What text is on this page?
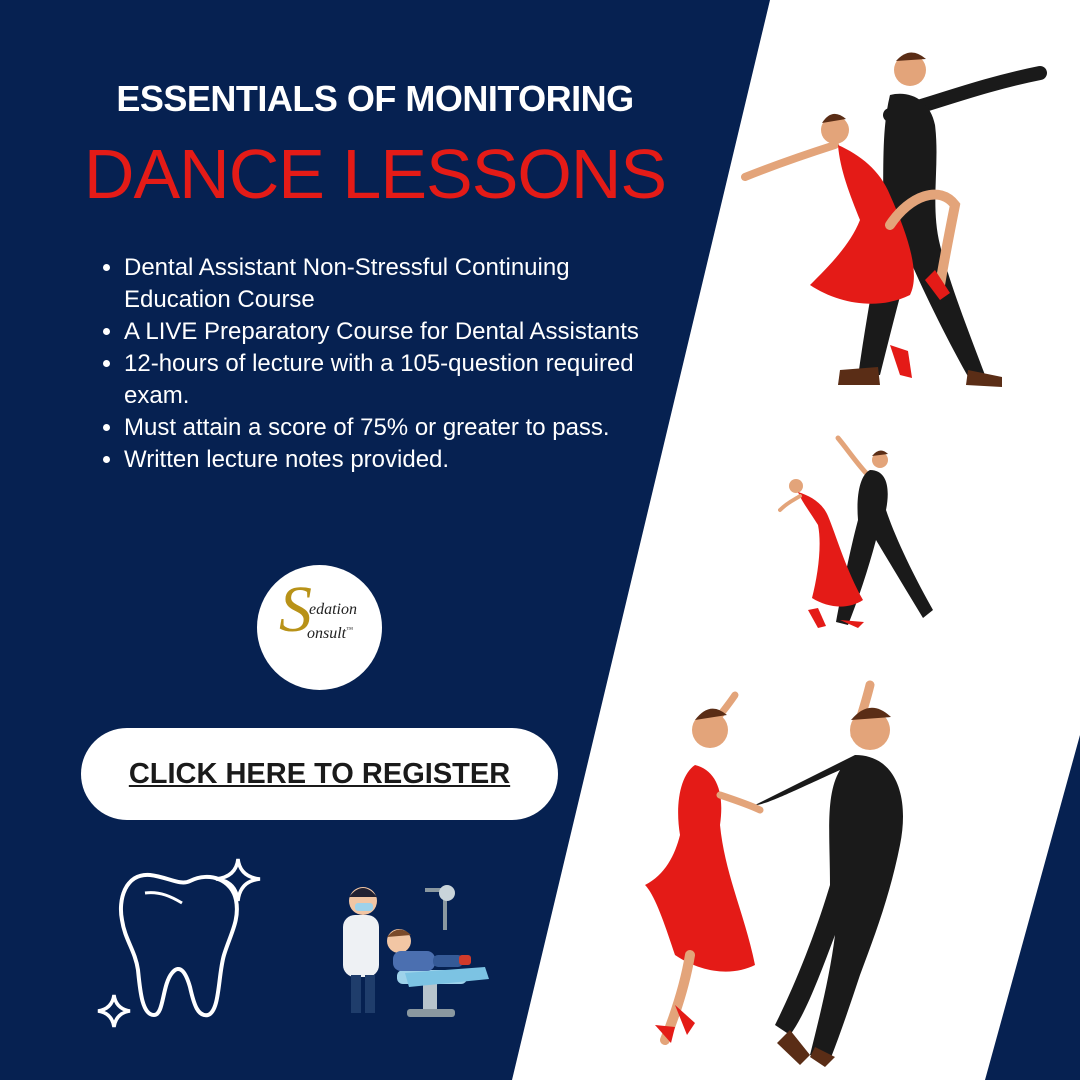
ESSENTIALS OF MONITORING
DANCE LESSONS
• Dental Assistant Non-Stressful Continuing Education Course
• A LIVE Preparatory Course for Dental Assistants
• 12-hours of lecture with a 105-question required exam.
• Must attain a score of 75% or greater to pass.
• Written lecture notes provided.
S
edation
onsult™
CLICK HERE TO REGISTER
